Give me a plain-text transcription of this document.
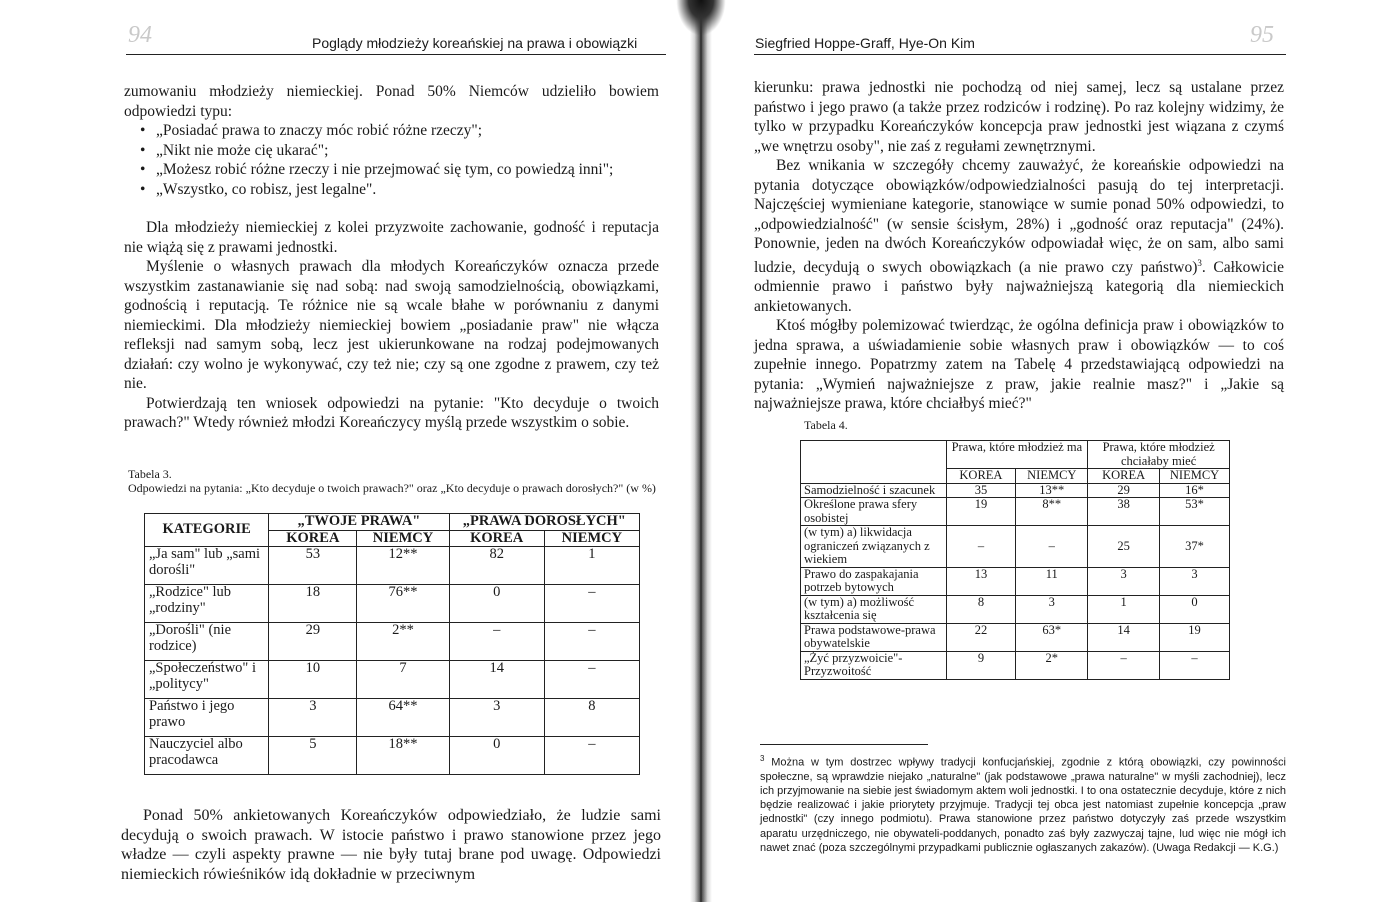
94	Poglądy młodzieży koreańskiej na prawa i obowiązki

zumowaniu młodzieży niemieckiej. Ponad 50% Niemców udzieliło bowiem odpowiedzi typu:

• „Posiadać prawa to znaczy móc robić różne rzeczy";
• „Nikt nie może cię ukarać";
• „Możesz robić różne rzeczy i nie przejmować się tym, co powiedzą inni";
• „Wszystko, co robisz, jest legalne".

Dla młodzieży niemieckiej z kolei przyzwoite zachowanie, godność i reputacja nie wiążą się z prawami jednostki.

Myślenie o własnych prawach dla młodych Koreańczyków oznacza przede wszystkim zastanawianie się nad sobą: nad swoją samodzielnością, obowiązkami, godnością i reputacją. Te różnice nie są wcale błahe w porównaniu z danymi niemieckimi. Dla młodzieży niemieckiej bowiem „posiadanie praw" nie włącza refleksji nad samym sobą, lecz jest ukierunkowane na rodzaj podejmowanych działań: czy wolno je wykonywać, czy też nie; czy są one zgodne z prawem, czy też nie.

Potwierdzają ten wniosek odpowiedzi na pytanie: "Kto decyduje o twoich prawach?" Wtedy również młodzi Koreańczycy myślą przede wszystkim o sobie.

Tabela 3.
Odpowiedzi na pytania: „Kto decyduje o twoich prawach?" oraz „Kto decyduje o prawach dorosłych?" (w %)
KATEGORIE	„TWOJE PRAWA"		„PRAWA DOROSŁYCH"	
	KOREA	NIEMCY	KOREA	NIEMCY
„Ja sam" lub „sami dorośli"	53	12**	82	1
„Rodzice" lub „rodziny"	18	76**	0	–
„Dorośli" (nie rodzice)	29	2**	–	–
„Społeczeństwo" i „politycy"	10	7	14	–
Państwo i jego prawo	3	64**	3	8
Nauczyciel albo pracodawca	5	18**	0	–

Ponad 50% ankietowanych Koreańczyków odpowiedziało, że ludzie sami decydują o swoich prawach. W istocie państwo i prawo stanowione przez jego władze — czyli aspekty prawne — nie były tutaj brane pod uwagę. Odpowiedzi niemieckich rówieśników idą dokładnie w przeciwnym

Siegfried Hoppe-Graff, Hye-On Kim	95

kierunku: prawa jednostki nie pochodzą od niej samej, lecz są ustalane przez państwo i jego prawo (a także przez rodziców i rodzinę). Po raz kolejny widzimy, że tylko w przypadku Koreańczyków koncepcja praw jednostki jest wiązana z czymś „we wnętrzu osoby", nie zaś z regułami zewnętrznymi.

Bez wnikania w szczegóły chcemy zauważyć, że koreańskie odpowiedzi na pytania dotyczące obowiązków/odpowiedzialności pasują do tej interpretacji. Najczęściej wymieniane kategorie, stanowiące w sumie ponad 50% odpowiedzi, to „odpowiedzialność" (w sensie ścisłym, 28%) i „godność oraz reputacja" (24%). Ponownie, jeden na dwóch Koreańczyków odpowiadał więc, że on sam, albo sami ludzie, decydują o swych obowiązkach (a nie prawo czy państwo)$^3$. Całkowicie odmiennie prawo i państwo były najważniejszą kategorią dla niemieckich ankietowanych.

Ktoś mógłby polemizować twierdząc, że ogólna definicja praw i obowiązków to jedna sprawa, a uświadamienie sobie własnych praw i obowiązków — to coś zupełnie innego. Popatrzmy zatem na Tabelę 4 przedstawiającą odpowiedzi na pytania: „Wymień najważniejsze z praw, jakie realnie masz?" i „Jakie są najważniejsze prawa, które chciałbyś mieć?"

Tabela 4.
	Prawa, które młodzież ma		Prawa, które młodzież chciałaby mieć	
	KOREA	NIEMCY	KOREA	NIEMCY
Samodzielność i szacunek	35	13**	29	16*
Określone prawa sfery osobistej	19	8**	38	53*
(w tym) a) likwidacja ograniczeń związanych z wiekiem	–	–	25	37*
Prawo do zaspakajania potrzeb bytowych	13	11	3	3
(w tym) a) możliwość kształcenia się	8	3	1	0
Prawa podstawowe-prawa obywatelskie	22	63*	14	19
„Żyć przyzwoicie"-Przyzwoitość	9	2*	–	–
$^3$ Można w tym dostrzec wpływy tradycji konfucjańskiej, zgodnie z którą obowiązki, czy powinności społeczne, są wprawdzie niejako „naturalne" (jak podstawowe „prawa naturalne" w myśli zachodniej), lecz ich przyjmowanie na siebie jest świadomym aktem woli jednostki. I to ona ostatecznie decyduje, które z nich będzie realizować i jakie priorytety przyjmuje. Tradycji tej obca jest natomiast zupełnie koncepcja „praw jednostki" (czy innego podmiotu). Prawa stanowione przez państwo dotyczyły zaś przede wszystkim aparatu urzędniczego, nie obywateli-poddanych, ponadto zaś były zazwyczaj tajne, lud więc nie mógł ich nawet znać (poza szczególnymi przypadkami publicznie ogłaszanych zakazów). (Uwaga Redakcji — K.G.)
